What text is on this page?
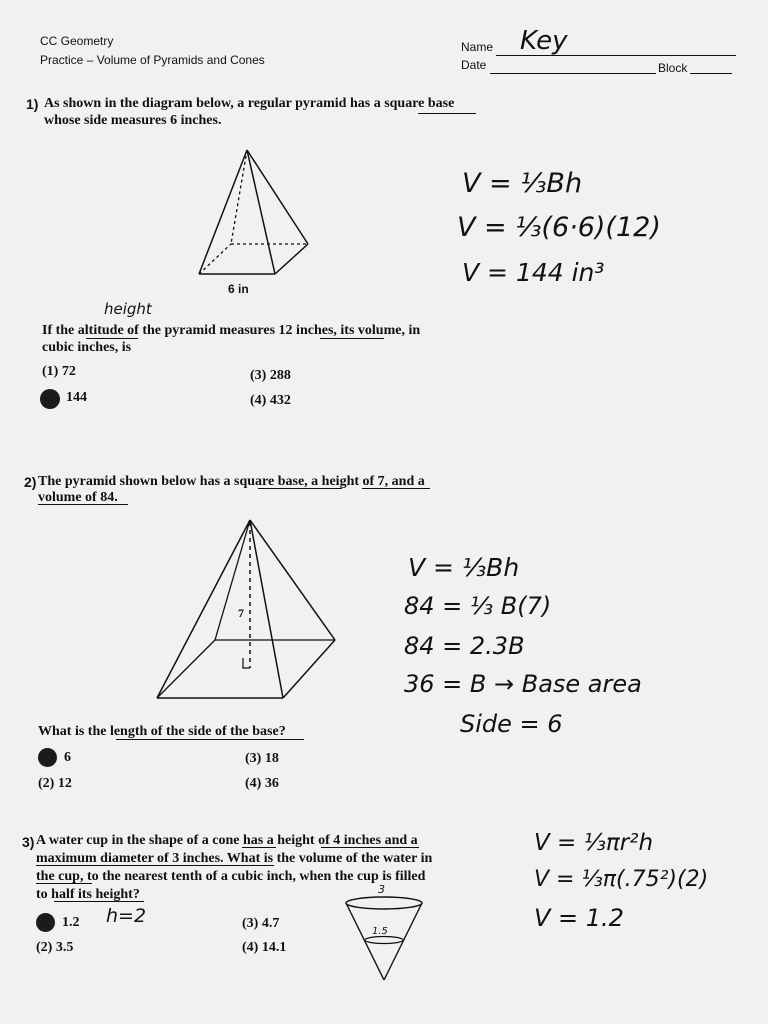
CC Geometry
Practice – Volume of Pyramids and Cones
Name Key
Date	Block
1) As shown in the diagram below, a regular pyramid has a square base
whose side measures 6 inches.
6 in
V = ⅓Bh
V = ⅓(6·6)(12)
V = 144 in³
height
If the altitude of the pyramid measures 12 inches, its volume, in
cubic inches, is
(1) 72
144
(3) 288
(4) 432
2) The pyramid shown below has a square base, a height of 7, and a
volume of 84.
7
V = ⅓Bh
84 = ⅓ B(7)
84 = 2.3B
36 = B → Base area
Side = 6
What is the length of the side of the base?
6
(2) 12
(3) 18
(4) 36
3) A water cup in the shape of a cone has a height of 4 inches and a
maximum diameter of 3 inches. What is the volume of the water in
the cup, to the nearest tenth of a cubic inch, when the cup is filled
to half its height?
1.2 h=2
(2) 3.5
(3) 4.7
(4) 14.1
3
1.5
V = ⅓πr²h
V = ⅓π(.75²)(2)
V = 1.2
